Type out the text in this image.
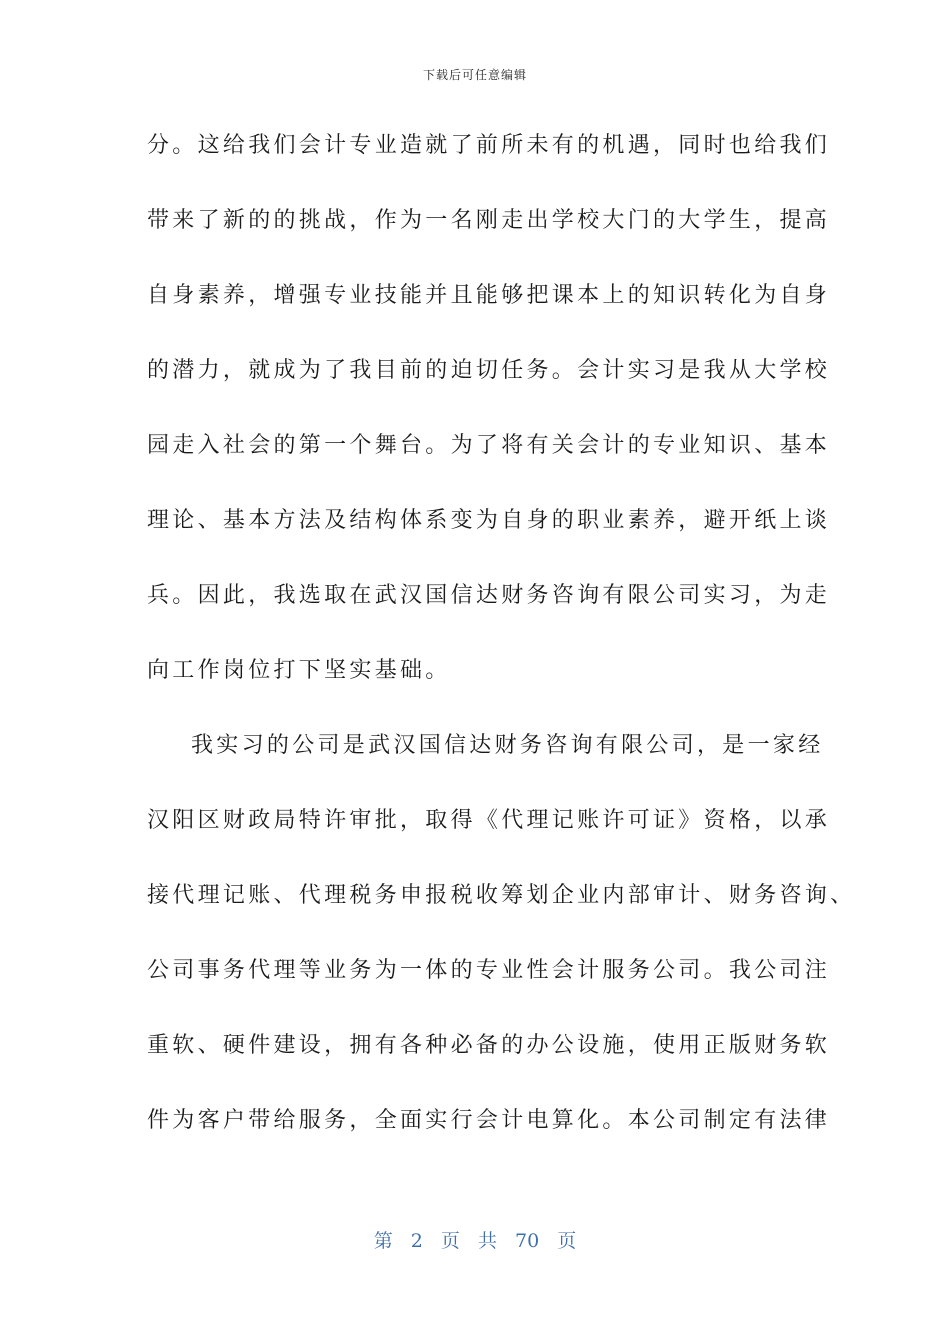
下载后可任意编辑
分。这给我们会计专业造就了前所未有的机遇，同时也给我们
带来了新的的挑战，作为一名刚走出学校大门的大学生，提高
自身素养，增强专业技能并且能够把课本上的知识转化为自身
的潜力，就成为了我目前的迫切任务。会计实习是我从大学校
园走入社会的第一个舞台。为了将有关会计的专业知识、基本
理论、基本方法及结构体系变为自身的职业素养，避开纸上谈
兵。因此，我选取在武汉国信达财务咨询有限公司实习，为走
向工作岗位打下坚实基础。
我实习的公司是武汉国信达财务咨询有限公司，是一家经
汉阳区财政局特许审批，取得《代理记账许可证》资格，以承
接代理记账、代理税务申报税收筹划企业内部审计、财务咨询、
公司事务代理等业务为一体的专业性会计服务公司。我公司注
重软、硬件建设，拥有各种必备的办公设施，使用正版财务软
件为客户带给服务，全面实行会计电算化。本公司制定有法律
第 2 页 共 70 页
